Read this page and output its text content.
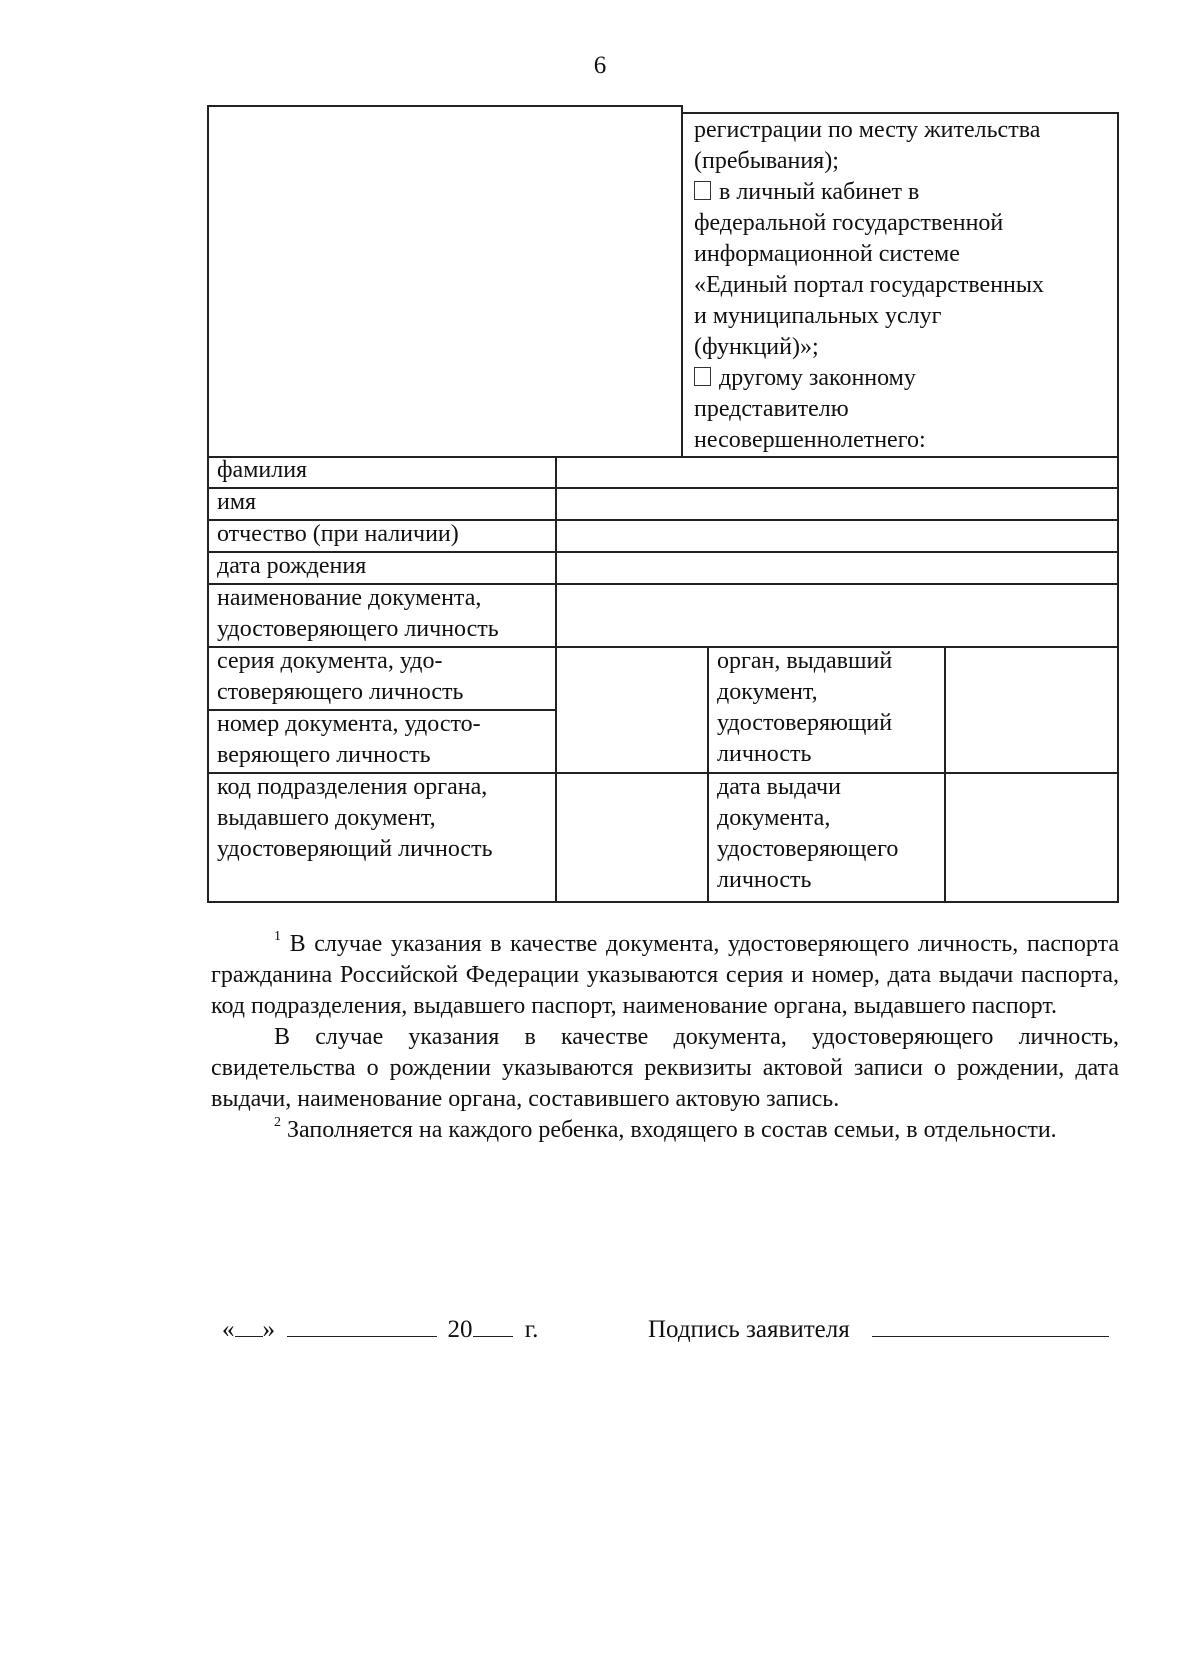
6
регистрации по месту жительства
(пребывания);
в личный кабинет в
федеральной государственной
информационной системе
«Единый портал государственных
и муниципальных услуг
(функций)»;
другому законному
представителю
несовершеннолетнего:
фамилия
имя
отчество (при наличии)
дата рождения
наименование документа,
удостоверяющего личность
серия документа, удо-
стоверяющего личность
номер документа, удосто-
веряющего личность
код подразделения органа,
выдавшего документ,
удостоверяющий личность
орган, выдавший
документ,
удостоверяющий
личность
дата выдачи
документа,
удостоверяющего
личность

$^1$ В случае указания в качестве документа, удостоверяющего личность, паспорта гражданина Российской Федерации указываются серия и номер, дата выдачи паспорта, код подразделения, выдавшего паспорт, наименование органа, выдавшего паспорт.

В случае указания в качестве документа, удостоверяющего личность, свидетельства о рождении указываются реквизиты актовой записи о рождении, дата выдачи, наименование органа, составившего актовую запись.

$^2$ Заполняется на каждого ребенка, входящего в состав семьи, в отдельности.

« »	20 г.	Подпись заявителя
